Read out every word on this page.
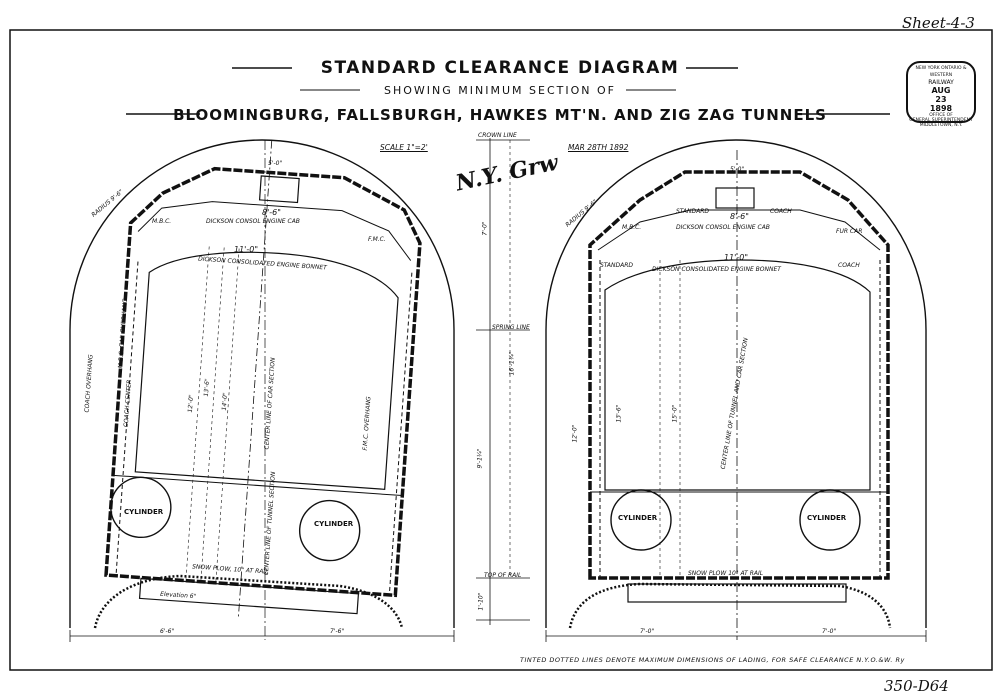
Sheet-4-3
STANDARD CLEARANCE DIAGRAM
SHOWING MINIMUM SECTION OF
BLOOMINGBURG, FALLSBURGH, HAWKES MT'N. AND ZIG ZAG TUNNELS
SCALE 1"=2'	MAR 28TH 1892
N.Y. Grw
NEW YORK ONTARIO & WESTERN
RAILWAY
AUG
23
1898
OFFICE OF
GENERAL SUPERINTENDENT
MIDDLETOWN, N.Y.
CROWN LINE
7'-0"
SPRING LINE
16'-1¼"
9'-1¼"
TOP OF RAIL
1'-10"
5'-0"
RADIUS 9'-6"	8'-6"
M.B.C.	DICKSON CONSOL ENGINE CAB
F.M.C.
11'-0"
DICKSON CONSOLIDATED ENGINE BONNET
COACH OVERHANG
M.B.C. CAR OVERHANG
COACH CENTER	12'-0"
13'-6"
14'-0"	CENTER LINE OF CAR SECTION	F.M.C. OVERHANG
CENTER LINE OF TUNNEL SECTION
CYLINDER
CYLINDER
SNOW PLOW, 10" AT RAIL
Elevation 6"
6'-6"	7'-6"
5'-0"
RADIUS 9'-6"	STANDARD	COACH
8'-6"
M.B.C.	DICKSON CONSOL ENGINE CAB
FUR CAR
11'-0"
DICKSON CONSOLIDATED ENGINE BONNET
STANDARD	COACH
12'-0"
13'-6"	15'-0"	CENTER LINE OF TUNNEL AND CAR SECTION
CYLINDER	CYLINDER
SNOW PLOW 10" AT RAIL
7'-0"	7'-0"
TINTED DOTTED LINES DENOTE MAXIMUM DIMENSIONS OF LADING, FOR SAFE CLEARANCE N.Y.O.&W. Ry
350-D64
